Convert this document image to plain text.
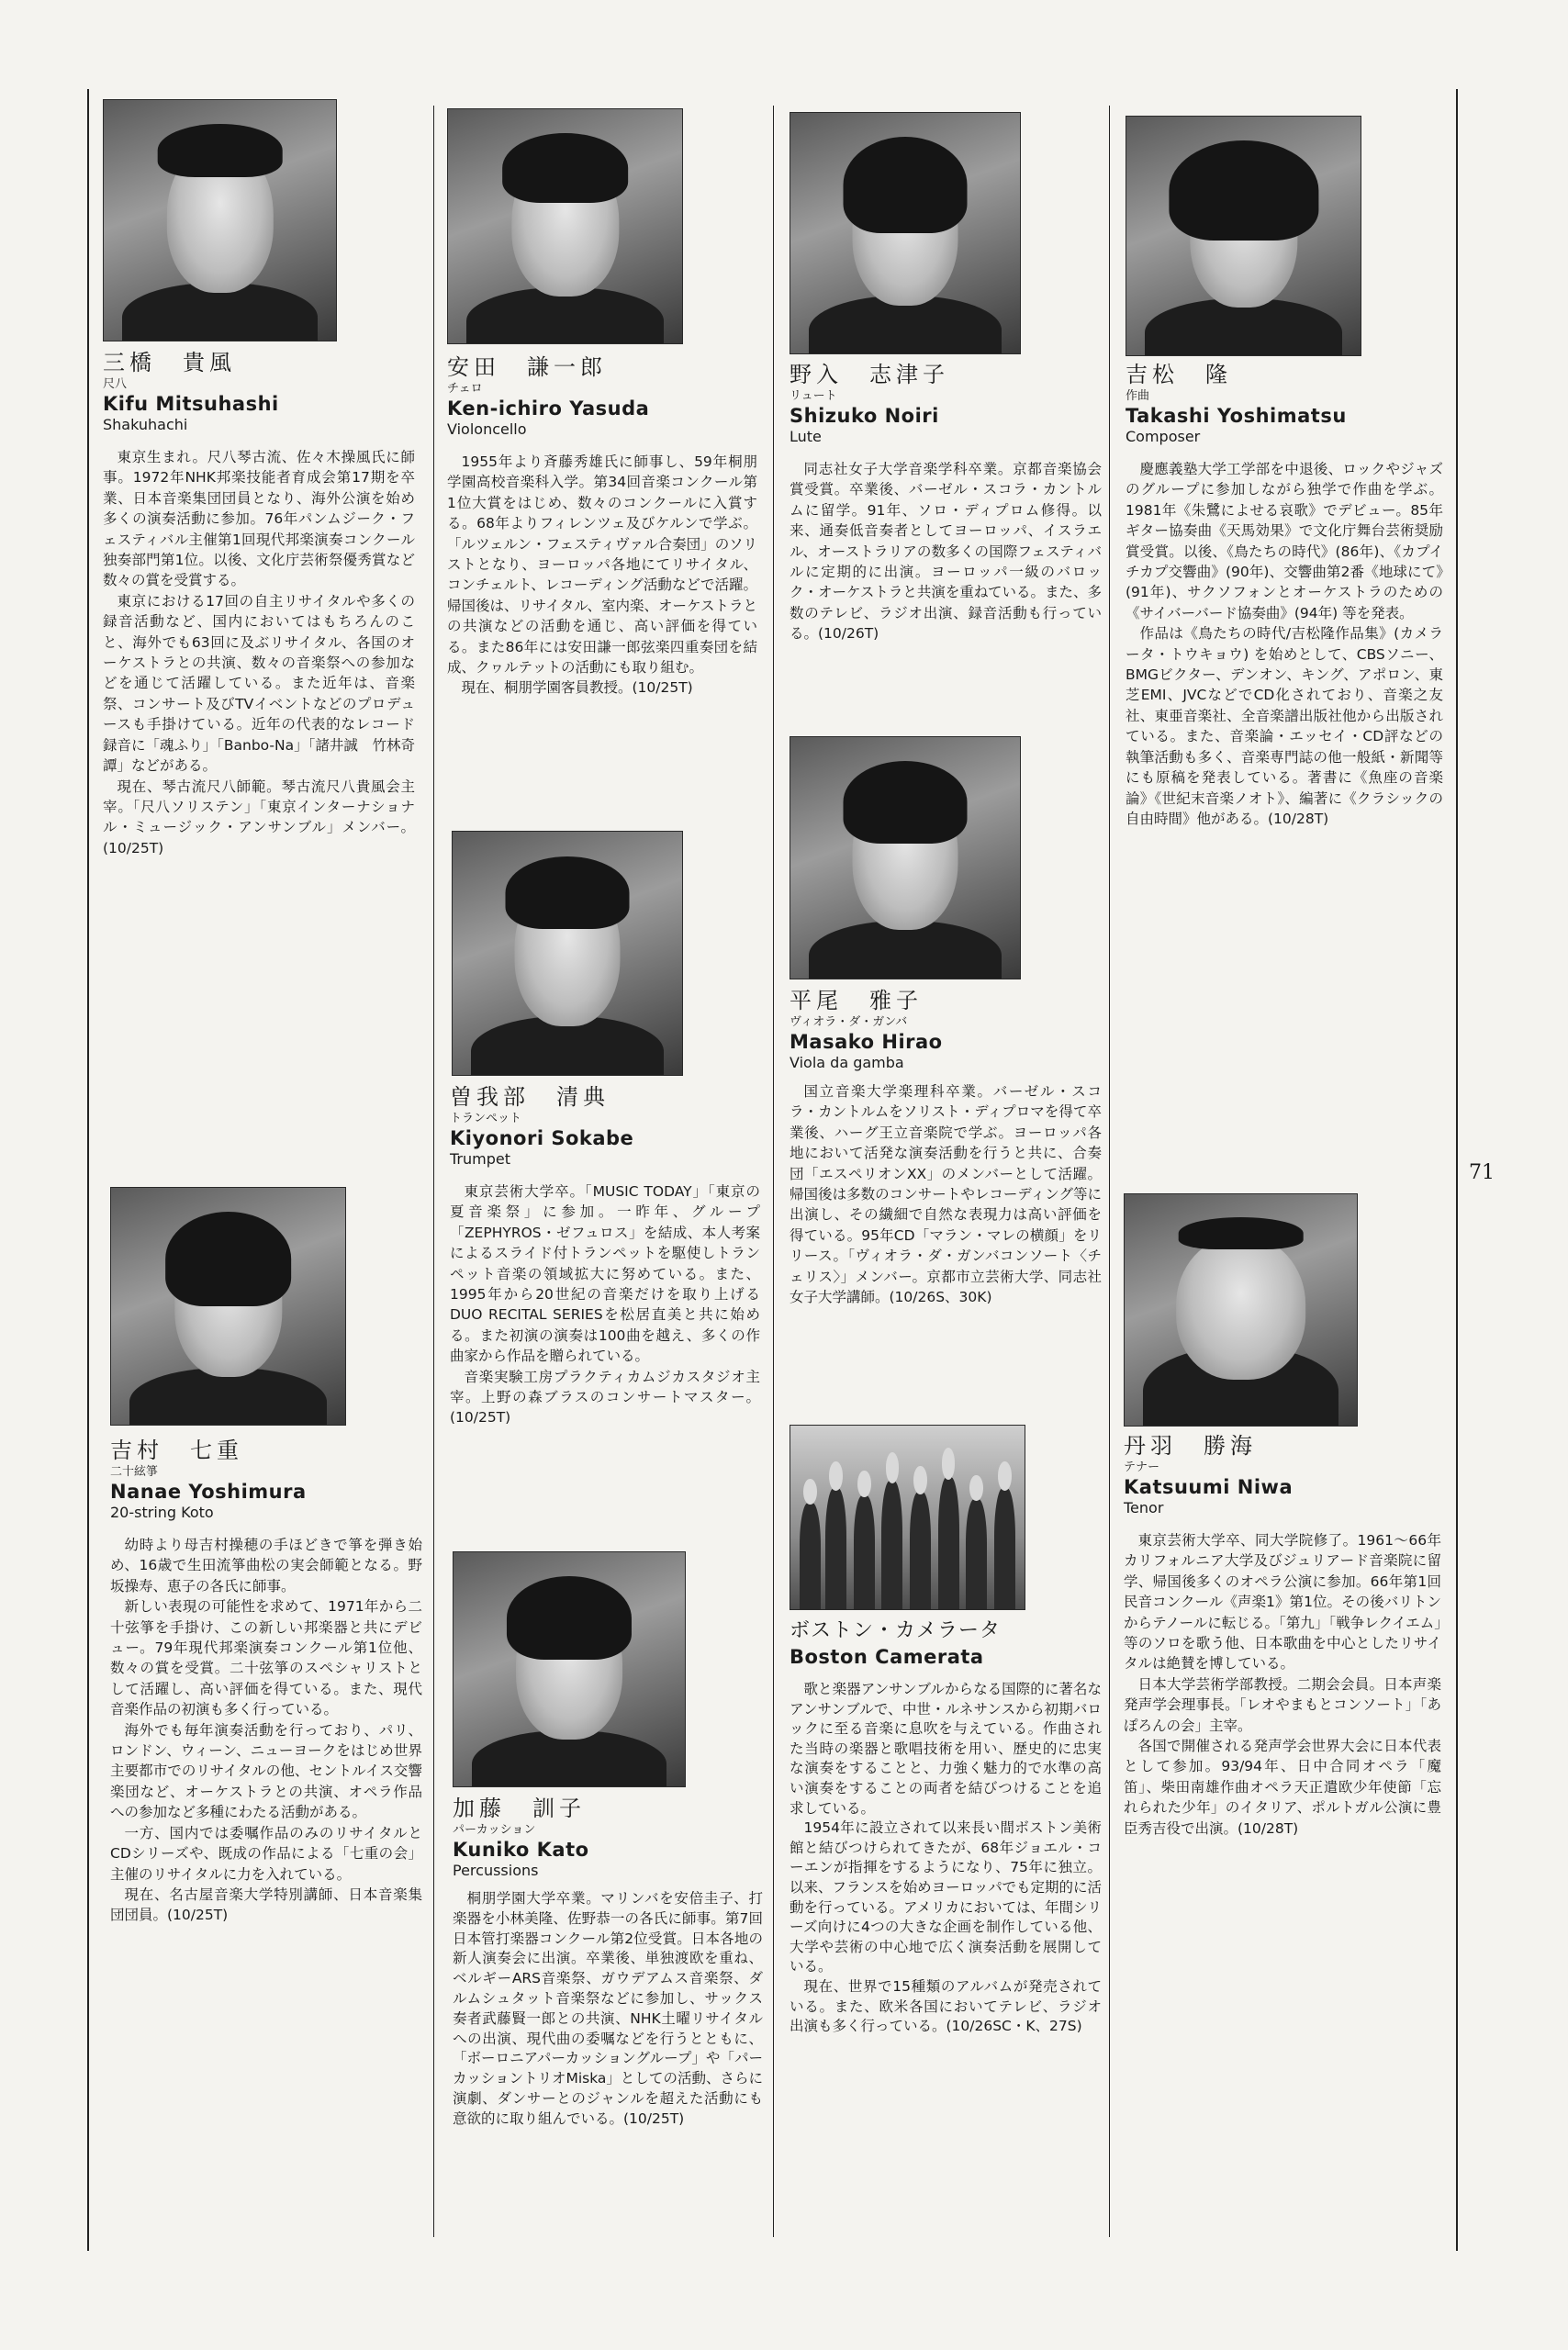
三橋　貴風
尺八
Kifu Mitsuhashi
Shakuhachi

東京生まれ。尺八琴古流、佐々木操風氏に師事。1972年NHK邦楽技能者育成会第17期を卒業、日本音楽集団団員となり、海外公演を始め多くの演奏活動に参加。76年パンムジーク・フェスティバル主催第1回現代邦楽演奏コンクール独奏部門第1位。以後、文化庁芸術祭優秀賞など数々の賞を受賞する。

東京における17回の自主リサイタルや多くの録音活動など、国内においてはもちろんのこと、海外でも63回に及ぶリサイタル、各国のオーケストラとの共演、数々の音楽祭への参加などを通じて活躍している。また近年は、音楽祭、コンサート及びTVイベントなどのプロデュースも手掛けている。近年の代表的なレコード録音に「魂ふり」「Banbo-Na」「諸井誠　竹林奇譚」などがある。

現在、琴古流尺八師範。琴古流尺八貴風会主宰。「尺八ソリステン」「東京インターナショナル・ミュージック・アンサンブル」メンバー。(10/25T)

吉村　七重
二十絃箏
Nanae Yoshimura
20-string Koto

幼時より母吉村操穂の手ほどきで箏を弾き始め、16歳で生田流箏曲松の実会師範となる。野坂操寿、恵子の各氏に師事。

新しい表現の可能性を求めて、1971年から二十弦箏を手掛け、この新しい邦楽器と共にデビュー。79年現代邦楽演奏コンクール第1位他、数々の賞を受賞。二十弦箏のスペシャリストとして活躍し、高い評価を得ている。また、現代音楽作品の初演も多く行っている。

海外でも毎年演奏活動を行っており、パリ、ロンドン、ウィーン、ニューヨークをはじめ世界主要都市でのリサイタルの他、セントルイス交響楽団など、オーケストラとの共演、オペラ作品への参加など多種にわたる活動がある。

一方、国内では委嘱作品のみのリサイタルとCDシリーズや、既成の作品による「七重の会」主催のリサイタルに力を入れている。

現在、名古屋音楽大学特別講師、日本音楽集団団員。(10/25T)

安田　謙一郎
チェロ
Ken-ichiro Yasuda
Violoncello

1955年より斉藤秀雄氏に師事し、59年桐朋学園高校音楽科入学。第34回音楽コンクール第1位大賞をはじめ、数々のコンクールに入賞する。68年よりフィレンツェ及びケルンで学ぶ。「ルツェルン・フェスティヴァル合奏団」のソリストとなり、ヨーロッパ各地にてリサイタル、コンチェルト、レコーディング活動などで活躍。帰国後は、リサイタル、室内楽、オーケストラとの共演などの活動を通じ、高い評価を得ている。また86年には安田謙一郎弦楽四重奏団を結成、クヮルテットの活動にも取り組む。

現在、桐朋学園客員教授。(10/25T)

曽我部　清典
トランペット
Kiyonori Sokabe
Trumpet

東京芸術大学卒。「MUSIC TODAY」「東京の夏音楽祭」に参加。一昨年、グループ「ZEPHYROS・ゼフュロス」を結成、本人考案によるスライド付トランペットを駆使しトランペット音楽の領域拡大に努めている。また、1995年から20世紀の音楽だけを取り上げるDUO RECITAL SERIESを松居直美と共に始める。また初演の演奏は100曲を越え、多くの作曲家から作品を贈られている。

音楽実験工房プラクティカムジカスタジオ主宰。上野の森ブラスのコンサートマスター。(10/25T)

加藤　訓子
パーカッション
Kuniko Kato
Percussions

桐朋学園大学卒業。マリンバを安倍圭子、打楽器を小林美隆、佐野恭一の各氏に師事。第7回日本管打楽器コンクール第2位受賞。日本各地の新人演奏会に出演。卒業後、単独渡欧を重ね、ベルギーARS音楽祭、ガウデアムス音楽祭、ダルムシュタット音楽祭などに参加し、サックス奏者武藤賢一郎との共演、NHK土曜リサイタルへの出演、現代曲の委嘱などを行うとともに、「ボーロニアパーカッショングループ」や「パーカッショントリオMiska」としての活動、さらに演劇、ダンサーとのジャンルを超えた活動にも意欲的に取り組んでいる。(10/25T)

野入　志津子
リュート
Shizuko Noiri
Lute

同志社女子大学音楽学科卒業。京都音楽協会賞受賞。卒業後、バーゼル・スコラ・カントルムに留学。91年、ソロ・ディプロム修得。以来、通奏低音奏者としてヨーロッパ、イスラエル、オーストラリアの数多くの国際フェスティバルに定期的に出演。ヨーロッパ一級のバロック・オーケストラと共演を重ねている。また、多数のテレビ、ラジオ出演、録音活動も行っている。(10/26T)

平尾　雅子
ヴィオラ・ダ・ガンバ
Masako Hirao
Viola da gamba

国立音楽大学楽理科卒業。バーゼル・スコラ・カントルムをソリスト・ディプロマを得て卒業後、ハーグ王立音楽院で学ぶ。ヨーロッパ各地において活発な演奏活動を行うと共に、合奏団「エスペリオンXX」のメンバーとして活躍。帰国後は多数のコンサートやレコーディング等に出演し、その繊細で自然な表現力は高い評価を得ている。95年CD「マラン・マレの横顔」をリリース。「ヴィオラ・ダ・ガンバコンソート〈チェリス〉」メンバー。京都市立芸術大学、同志社女子大学講師。(10/26S、30K)

ボストン・カメラータ
Boston Camerata

歌と楽器アンサンブルからなる国際的に著名なアンサンブルで、中世・ルネサンスから初期バロックに至る音楽に息吹を与えている。作曲された当時の楽器と歌唱技術を用い、歴史的に忠実な演奏をすることと、力強く魅力的で水準の高い演奏をすることの両者を結びつけることを追求している。

1954年に設立されて以来長い間ボストン美術館と結びつけられてきたが、68年ジョエル・コーエンが指揮をするようになり、75年に独立。以来、フランスを始めヨーロッパでも定期的に活動を行っている。アメリカにおいては、年間シリーズ向けに4つの大きな企画を制作している他、大学や芸術の中心地で広く演奏活動を展開している。

現在、世界で15種類のアルバムが発売されている。また、欧米各国においてテレビ、ラジオ出演も多く行っている。(10/26SC・K、27S)

吉松　隆
作曲
Takashi Yoshimatsu
Composer

慶應義塾大学工学部を中退後、ロックやジャズのグループに参加しながら独学で作曲を学ぶ。1981年《朱鷺によせる哀歌》でデビュー。85年ギター協奏曲《天馬効果》で文化庁舞台芸術奨励賞受賞。以後、《鳥たちの時代》(86年)、《カプイチカプ交響曲》(90年)、交響曲第2番《地球にて》(91年)、サクソフォンとオーケストラのための《サイバーバード協奏曲》(94年) 等を発表。

作品は《鳥たちの時代/吉松隆作品集》(カメラータ・トウキョウ) を始めとして、CBSソニー、BMGビクター、デンオン、キング、アポロン、東芝EMI、JVCなどでCD化されており、音楽之友社、東亜音楽社、全音楽譜出版社他から出版されている。また、音楽論・エッセイ・CD評などの執筆活動も多く、音楽専門誌の他一般紙・新聞等にも原稿を発表している。著書に《魚座の音楽論》《世紀末音楽ノオト》、編著に《クラシックの自由時間》他がある。(10/28T)

丹羽　勝海
テナー
Katsuumi Niwa
Tenor

東京芸術大学卒、同大学院修了。1961〜66年カリフォルニア大学及びジュリアード音楽院に留学、帰国後多くのオペラ公演に参加。66年第1回民音コンクール《声楽1》第1位。その後バリトンからテノールに転じる。「第九」「戦争レクイエム」等のソロを歌う他、日本歌曲を中心としたリサイタルは絶賛を博している。

日本大学芸術学部教授。二期会会員。日本声楽発声学会理事長。「レオやまもとコンソート」「あぽろんの会」主宰。

各国で開催される発声学会世界大会に日本代表として参加。93/94年、日中合同オペラ「魔笛」、柴田南雄作曲オペラ天正遣欧少年使節「忘れられた少年」のイタリア、ポルトガル公演に豊臣秀吉役で出演。(10/28T)

71
